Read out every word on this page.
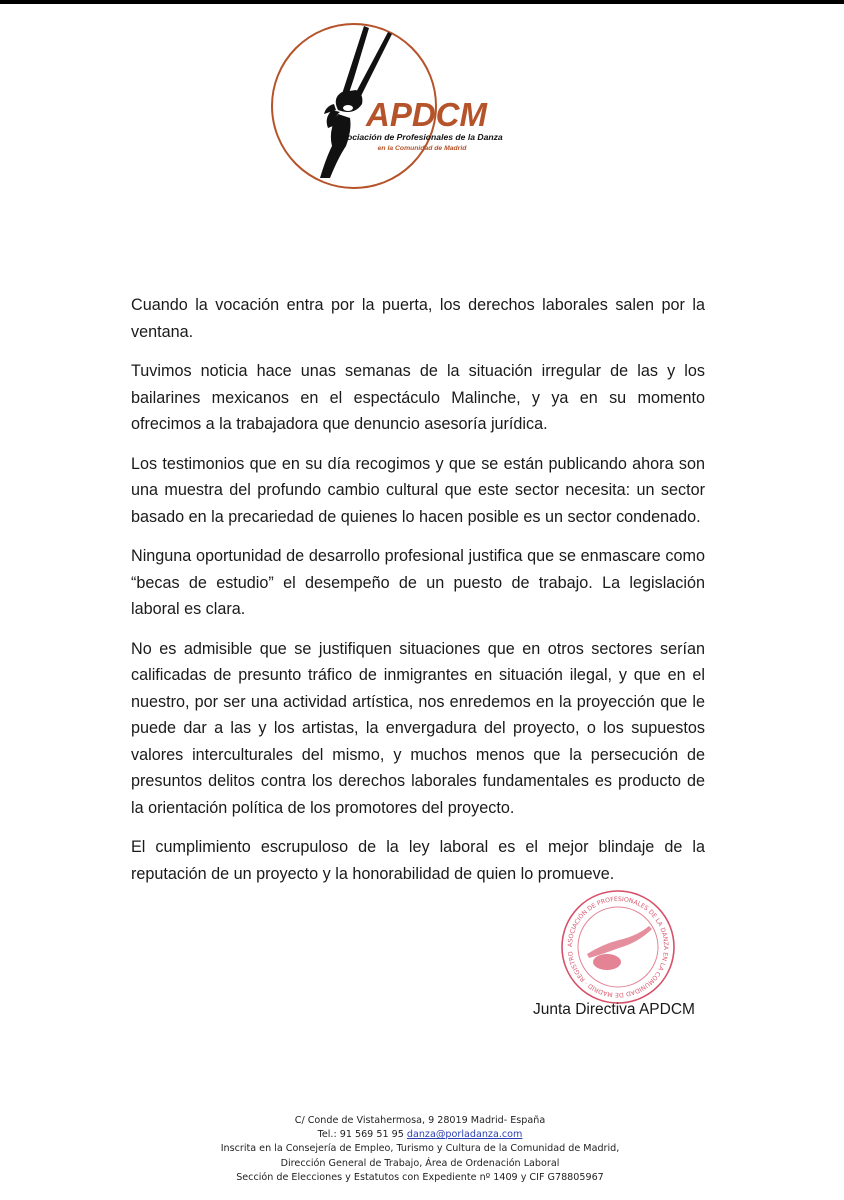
APDCM
Asociación de Profesionales de la Danza
en la Comunidad de Madrid

Cuando la vocación entra por la puerta, los derechos laborales salen por la ventana.

Tuvimos noticia hace unas semanas de la situación irregular de las y los bailarines mexicanos en el espectáculo Malinche, y ya en su momento ofrecimos a la trabajadora que denuncio asesoría jurídica.

Los testimonios que en su día recogimos y que se están publicando ahora son una muestra del profundo cambio cultural que este sector necesita: un sector basado en la precariedad de quienes lo hacen posible es un sector condenado.

Ninguna oportunidad de desarrollo profesional justifica que se enmascare como “becas de estudio” el desempeño de un puesto de trabajo. La legislación laboral es clara.

No es admisible que se justifiquen situaciones que en otros sectores serían calificadas de presunto tráfico de inmigrantes en situación ilegal, y que en el nuestro, por ser una actividad artística, nos enredemos en la proyección que le puede dar a las y los artistas, la envergadura del proyecto, o los supuestos valores interculturales del mismo, y muchos menos que la persecución de presuntos delitos contra los derechos laborales fundamentales es producto de la orientación política de los promotores del proyecto.

El cumplimiento escrupuloso de la ley laboral es el mejor blindaje de la reputación de un proyecto y la honorabilidad de quien lo promueve.

ASOCIACIÓN DE PROFESIONALES DE LA DANZA EN LA COMUNIDAD DE MADRID · REGISTRO
Junta Directiva APDCM
C/ Conde de Vistahermosa, 9 28019 Madrid- España
Tel.: 91 569 51 95 danza@porladanza.com
Inscrita en la Consejería de Empleo, Turismo y Cultura de la Comunidad de Madrid,
Dirección General de Trabajo, Área de Ordenación Laboral
Sección de Elecciones y Estatutos con Expediente nº 1409 y CIF G78805967
